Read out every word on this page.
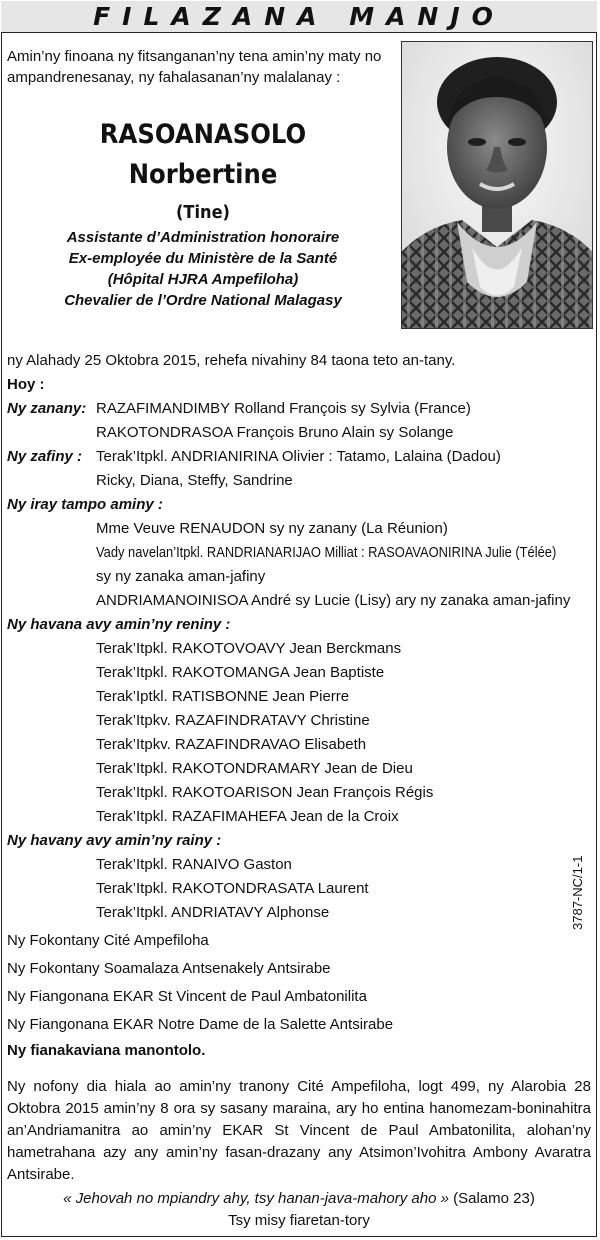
FILAZANA MANJO
Amin’ny finoana ny fitsanganan’ny tena amin’ny maty no ampandrenesanay, ny fahalasanan’ny malalanay :
RASOANASOLO
Norbertine
(Tine)
Assistante d’Administration honoraire
Ex-employée du Ministère de la Santé
(Hôpital HJRA Ampefiloha)
Chevalier de l’Ordre National Malagasy
ny Alahady 25 Oktobra 2015, rehefa nivahiny 84 taona teto an-tany.
Hoy :
Ny zanany: RAZAFIMANDIMBY Rolland François sy Sylvia (France)
RAKOTONDRASOA François Bruno Alain sy Solange
Ny zafiny : Terak’Itpkl. ANDRIANIRINA Olivier : Tatamo, Lalaina (Dadou)
Ricky, Diana, Steffy, Sandrine
Ny iray tampo aminy :
Mme Veuve RENAUDON sy ny zanany (La Réunion)
Vady navelan’Itpkl. RANDRIANARIJAO Milliat : RASOAVAONIRINA Julie (Télée)
sy ny zanaka aman-jafiny
ANDRIAMANOINISOA André sy Lucie (Lisy) ary ny zanaka aman-jafiny
Ny havana avy amin’ny reniny :
Terak’Itpkl. RAKOTOVOAVY Jean Berckmans
Terak’Itpkl. RAKOTOMANGA Jean Baptiste
Terak’Iptkl. RATISBONNE Jean Pierre
Terak’Itpkv. RAZAFINDRATAVY Christine
Terak’Itpkv. RAZAFINDRAVAO Elisabeth
Terak’Itpkl. RAKOTONDRAMARY Jean de Dieu
Terak’Itpkl. RAKOTOARISON Jean François Régis
Terak’Itpkl. RAZAFIMAHEFA Jean de la Croix
Ny havany avy amin’ny rainy :
Terak’Itpkl. RANAIVO Gaston
Terak’Itpkl. RAKOTONDRASATA Laurent
Terak’Itpkl. ANDRIATAVY Alphonse
Ny Fokontany Cité Ampefiloha
Ny Fokontany Soamalaza Antsenakely Antsirabe
Ny Fiangonana EKAR St Vincent de Paul Ambatonilita
Ny Fiangonana EKAR Notre Dame de la Salette Antsirabe
Ny fianakaviana manontolo.
3787-NC/1-1
Ny nofony dia hiala ao amin’ny tranony Cité Ampefiloha, logt 499, ny Alarobia 28 Oktobra 2015 amin’ny 8 ora sy sasany maraina, ary ho entina hanomezam-boninahitra an’Andriamanitra ao amin’ny EKAR St Vincent de Paul Ambatonilita, alohan’ny hametrahana azy any amin’ny fasan-drazany any Atsimon’Ivohitra Ambony Avaratra Antsirabe.
« Jehovah no mpiandry ahy, tsy hanan-java-mahory aho » (Salamo 23)
Tsy misy fiaretan-tory
